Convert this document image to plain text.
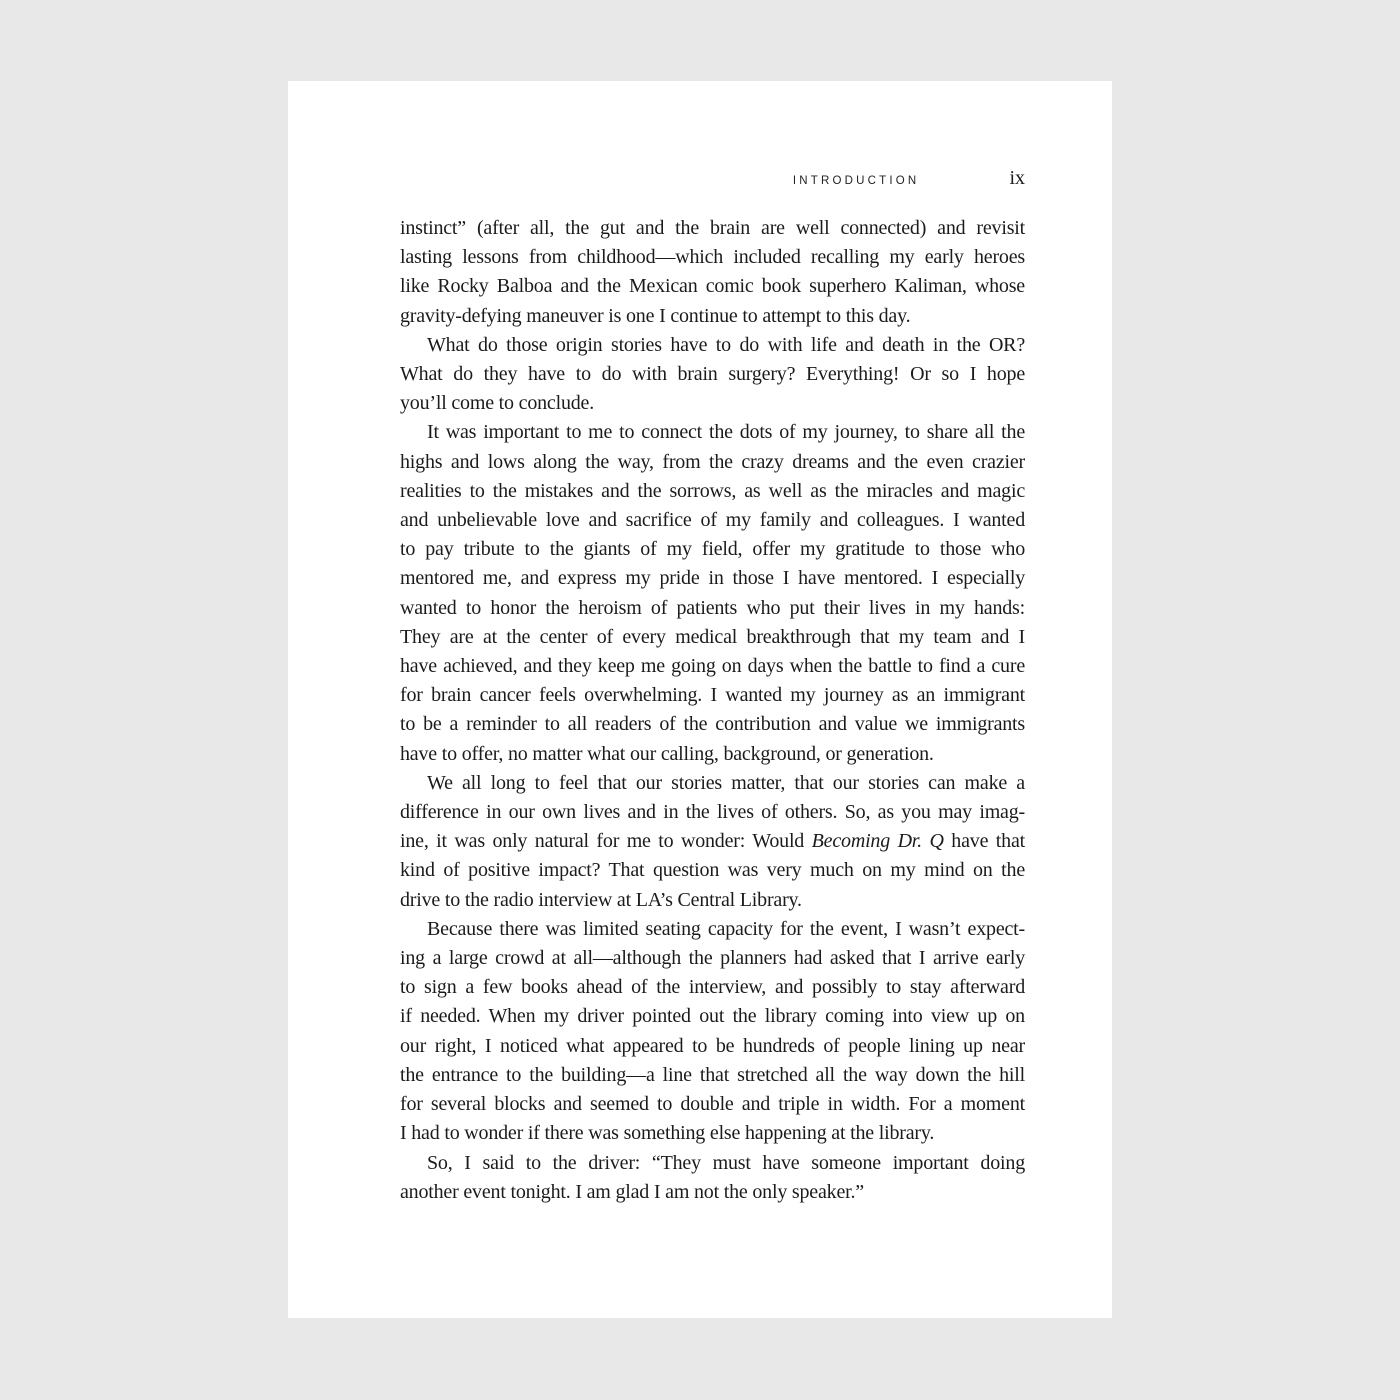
INTRODUCTION	ix
instinct” (after all, the gut and the brain are well connected) and revisit
lasting lessons from childhood—which included recalling my early heroes
like Rocky Balboa and the Mexican comic book superhero Kaliman, whose
gravity-defying maneuver is one I continue to attempt to this day.
What do those origin stories have to do with life and death in the OR?
What do they have to do with brain surgery? Everything! Or so I hope
you’ll come to conclude.
It was important to me to connect the dots of my journey, to share all the
highs and lows along the way, from the crazy dreams and the even crazier
realities to the mistakes and the sorrows, as well as the miracles and magic
and unbelievable love and sacrifice of my family and colleagues. I wanted
to pay tribute to the giants of my field, offer my gratitude to those who
mentored me, and express my pride in those I have mentored. I especially
wanted to honor the heroism of patients who put their lives in my hands:
They are at the center of every medical breakthrough that my team and I
have achieved, and they keep me going on days when the battle to find a cure
for brain cancer feels overwhelming. I wanted my journey as an immigrant
to be a reminder to all readers of the contribution and value we immigrants
have to offer, no matter what our calling, background, or generation.
We all long to feel that our stories matter, that our stories can make a
difference in our own lives and in the lives of others. So, as you may imag-
ine, it was only natural for me to wonder: Would Becoming Dr. Q have that
kind of positive impact? That question was very much on my mind on the
drive to the radio interview at LA’s Central Library.
Because there was limited seating capacity for the event, I wasn’t expect-
ing a large crowd at all—although the planners had asked that I arrive early
to sign a few books ahead of the interview, and possibly to stay afterward
if needed. When my driver pointed out the library coming into view up on
our right, I noticed what appeared to be hundreds of people lining up near
the entrance to the building—a line that stretched all the way down the hill
for several blocks and seemed to double and triple in width. For a moment
I had to wonder if there was something else happening at the library.
So, I said to the driver: “They must have someone important doing
another event tonight. I am glad I am not the only speaker.”
